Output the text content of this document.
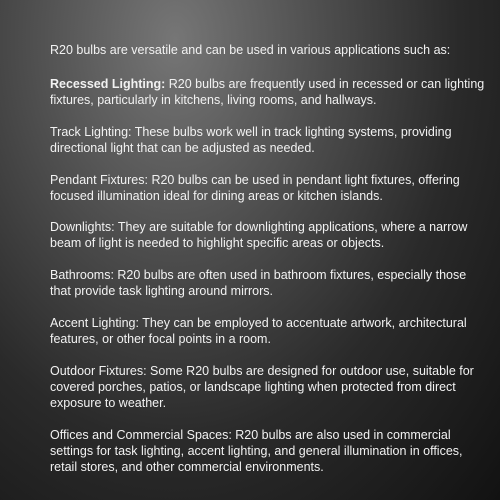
R20 bulbs are versatile and can be used in various applications such as:

Recessed Lighting: R20 bulbs are frequently used in recessed or can lighting
fixtures, particularly in kitchens, living rooms, and hallways.
Track Lighting: These bulbs work well in track lighting systems, providing
directional light that can be adjusted as needed.
Pendant Fixtures: R20 bulbs can be used in pendant light fixtures, offering
focused illumination ideal for dining areas or kitchen islands.
Downlights: They are suitable for downlighting applications, where a narrow
beam of light is needed to highlight specific areas or objects.
Bathrooms: R20 bulbs are often used in bathroom fixtures, especially those
that provide task lighting around mirrors.
Accent Lighting: They can be employed to accentuate artwork, architectural
features, or other focal points in a room.
Outdoor Fixtures: Some R20 bulbs are designed for outdoor use, suitable for
covered porches, patios, or landscape lighting when protected from direct
exposure to weather.
Offices and Commercial Spaces: R20 bulbs are also used in commercial
settings for task lighting, accent lighting, and general illumination in offices,
retail stores, and other commercial environments.
